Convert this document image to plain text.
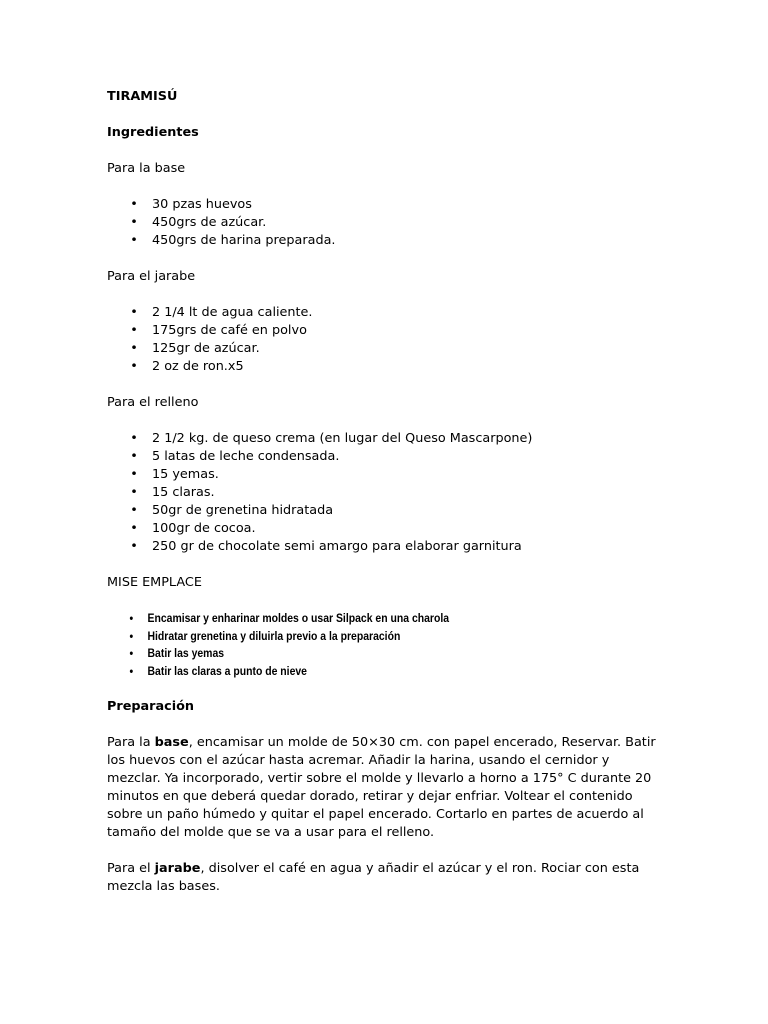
TIRAMISÚ
Ingredientes
Para la base
• 30 pzas huevos
• 450grs de azúcar.
• 450grs de harina preparada.
Para el jarabe
• 2 1/4 lt de agua caliente.
• 175grs de café en polvo
• 125gr de azúcar.
• 2 oz de ron.x5
Para el relleno
• 2 1/2 kg. de queso crema (en lugar del Queso Mascarpone)
• 5 latas de leche condensada.
• 15 yemas.
• 15 claras.
• 50gr de grenetina hidratada
• 100gr de cocoa.
• 250 gr de chocolate semi amargo para elaborar garnitura
MISE EMPLACE
•	Encamisar y enharinar moldes o usar Silpack en una charola
•	Hidratar grenetina y diluirla previo a la preparación
•	Batir las yemas
•	Batir las claras a punto de nieve
Preparación

Para la base, encamisar un molde de 50×30 cm. con papel encerado, Reservar. Batir los huevos con el azúcar hasta acremar. Añadir la harina, usando el cernidor y mezclar. Ya incorporado, vertir sobre el molde y llevarlo a horno a 175° C durante 20 minutos en que deberá quedar dorado, retirar y dejar enfriar. Voltear el contenido sobre un paño húmedo y quitar el papel encerado. Cortarlo en partes de acuerdo al tamaño del molde que se va a usar para el relleno.

Para el jarabe, disolver el café en agua y añadir el azúcar y el ron. Rociar con esta mezcla las bases.
